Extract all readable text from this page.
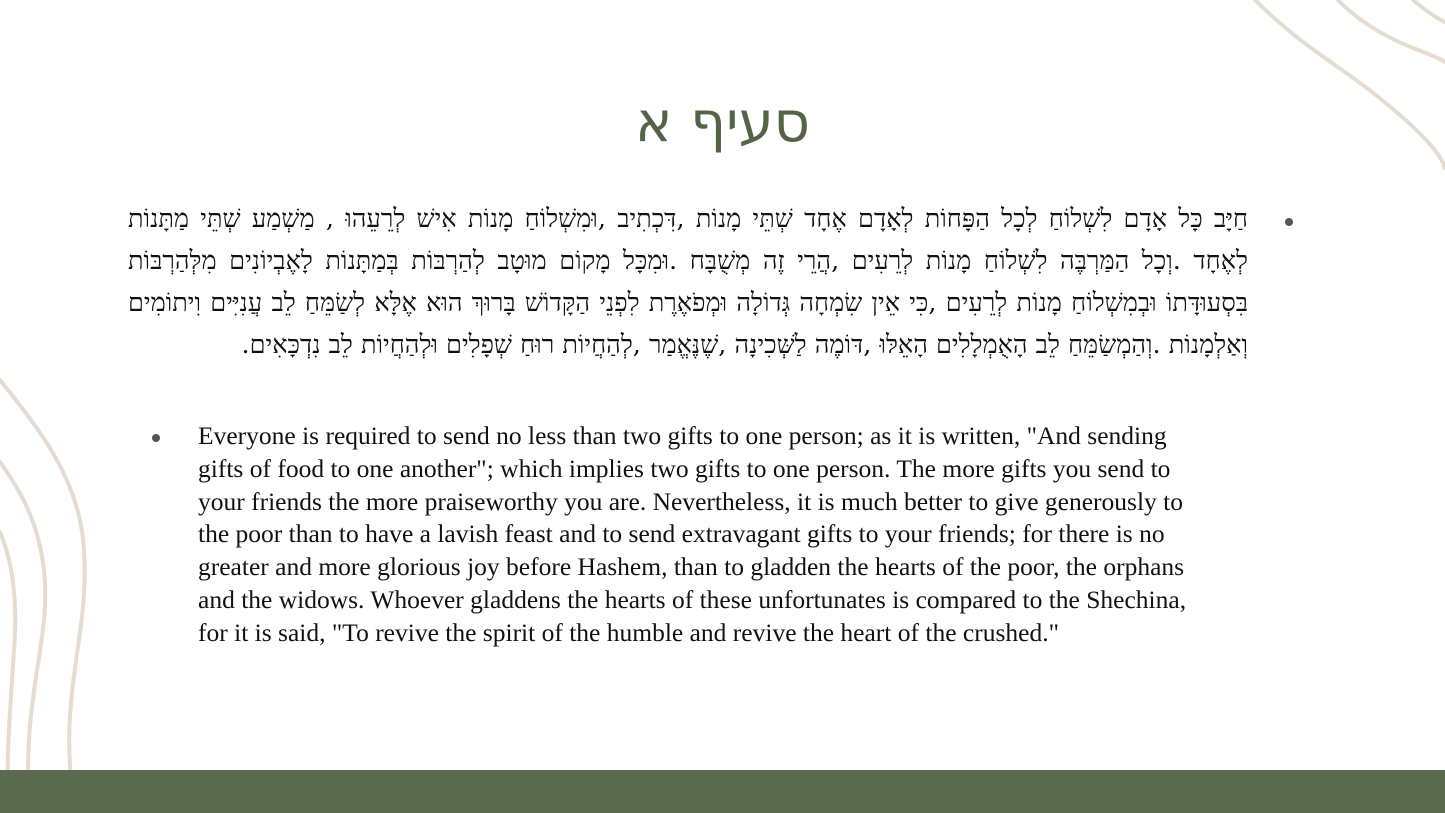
סעיף א
חַיָּב כָּל אָדָם לִשְׁלוֹחַ לְכָל הַפָּחוֹת לְאָדָם אֶחָד שְׁתֵּי מָנוֹת ,דִּכְתִיב ,וּמִשְׁלוֹחַ מָנוֹת אִישׁ לְרֵעֵהוּ , מַשְׁמַע שְׁתֵּי מַתָּנוֹת לְאֶחָד .וְכָל הַמַּרְבֶּה לִשְׁלוֹחַ מָנוֹת לְרֵעִים ,הֲרֵי זֶה מְשֻׁבָּח .וּמִכָּל מָקוֹם מוּטָב לְהַרְבּוֹת בְּמַתָּנוֹת לָאֶבְיוֹנִים מִלְּהַרְבּוֹת בִּסְעוּדָּתוֹ וּבְמִשְׁלוֹחַ מָנוֹת לְרֵעִים ,כִּי אֵין שִׂמְחָה גְּדוֹלָה וּמְפֹאֶרֶת לִפְנֵי הַקָּדוֹשׁ בָּרוּךְ הוּא אֶלָּא לְשַׂמֵּחַ לֵב עֲנִיִּים וִיתוֹמִים וְאַלְמָנוֹת .וְהַמְשַׂמֵּחַ לֵב הָאֻמְלָלִים הָאֵלּוּ ,דּוֹמֶה לַשְּׁכִינָה ,שֶׁנֶּאֱמַר ,לְהַחֲיוֹת רוּחַ שְׁפָלִים וּלְהַחֲיוֹת לֵב נִדְכָּאִים.
Everyone is required to send no less than two gifts to one person; as it is written, "And sending
gifts of food to one another"; which implies two gifts to one person. The more gifts you send to
your friends the more praiseworthy you are. Nevertheless, it is much better to give generously to
the poor than to have a lavish feast and to send extravagant gifts to your friends; for there is no
greater and more glorious joy before Hashem, than to gladden the hearts of the poor, the orphans
and the widows. Whoever gladdens the hearts of these unfortunates is compared to the Shechina,
for it is said, "To revive the spirit of the humble and revive the heart of the crushed."
